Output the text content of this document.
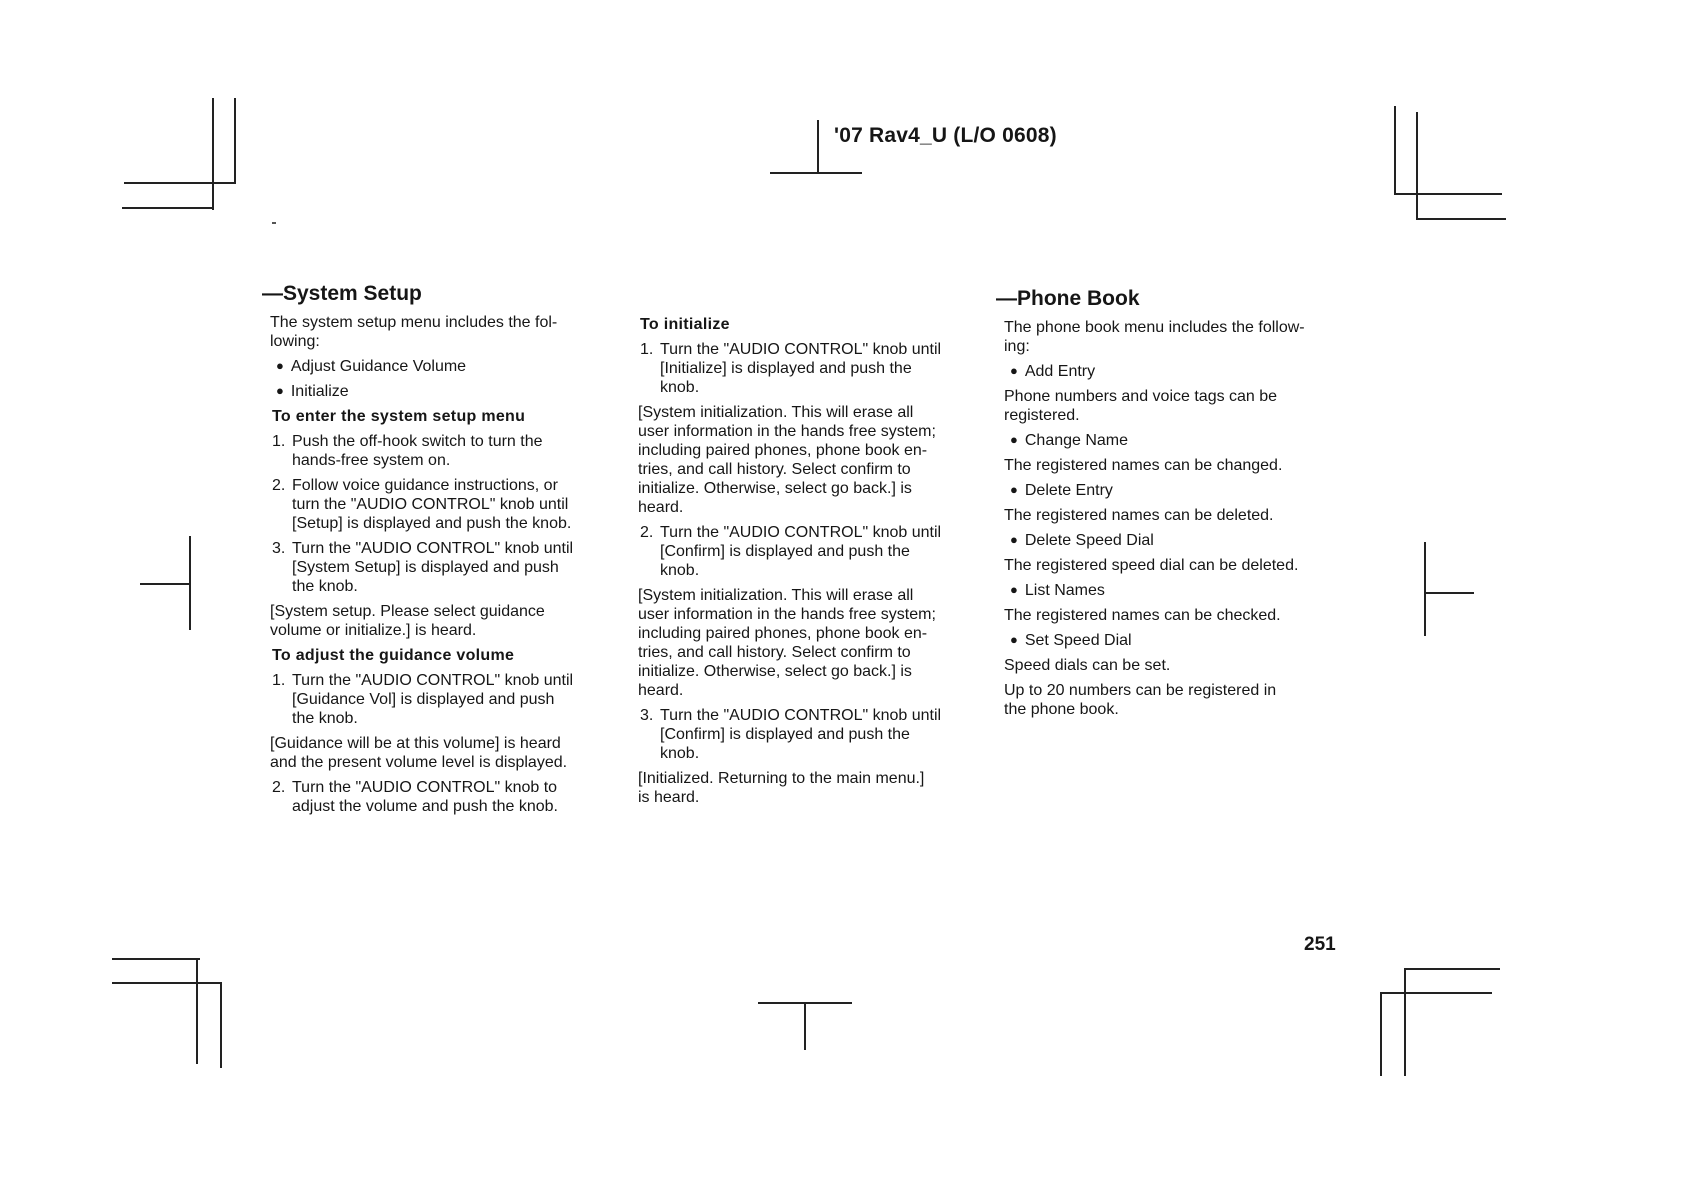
'07 Rav4_U (L/O 0608)
—System Setup

The system setup menu includes the fol-
lowing:

● Adjust Guidance Volume
● Initialize
To enter the system setup menu
1. Push the off-hook switch to turn the
hands-free system on.
2. Follow voice guidance instructions, or
turn the "AUDIO CONTROL" knob until
[Setup] is displayed and push the knob.
3. Turn the "AUDIO CONTROL" knob until
[System Setup] is displayed and push
the knob.

[System setup. Please select guidance
volume or initialize.] is heard.

To adjust the guidance volume
1. Turn the "AUDIO CONTROL" knob until
[Guidance Vol] is displayed and push
the knob.

[Guidance will be at this volume] is heard
and the present volume level is displayed.

2. Turn the "AUDIO CONTROL" knob to
adjust the volume and push the knob.
To initialize
1. Turn the "AUDIO CONTROL" knob until
[Initialize] is displayed and push the
knob.

[System initialization. This will erase all
user information in the hands free system;
including paired phones, phone book en-
tries, and call history. Select confirm to
initialize. Otherwise, select go back.] is
heard.

2. Turn the "AUDIO CONTROL" knob until
[Confirm] is displayed and push the
knob.

[System initialization. This will erase all
user information in the hands free system;
including paired phones, phone book en-
tries, and call history. Select confirm to
initialize. Otherwise, select go back.] is
heard.

3. Turn the "AUDIO CONTROL" knob until
[Confirm] is displayed and push the
knob.

[Initialized. Returning to the main menu.]
is heard.

—Phone Book

The phone book menu includes the follow-
ing:

● Add Entry

Phone numbers and voice tags can be
registered.

● Change Name

The registered names can be changed.

● Delete Entry

The registered names can be deleted.

● Delete Speed Dial

The registered speed dial can be deleted.

● List Names

The registered names can be checked.

● Set Speed Dial

Speed dials can be set.

Up to 20 numbers can be registered in
the phone book.

251
